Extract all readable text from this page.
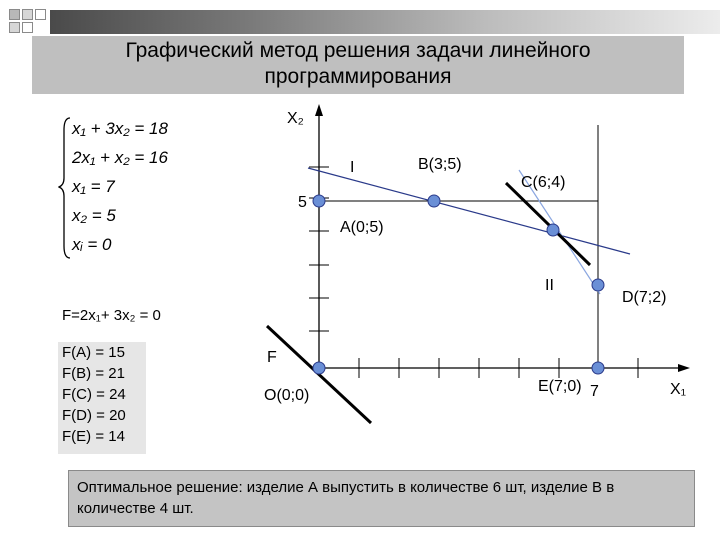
Графический метод решения задачи линейного
программирования
x₁ + 3x₂ = 18
2x₁ + x₂ = 16
x₁ = 7
x₂ = 5
xᵢ = 0
F=2x₁+ 3x₂ = 0
F(A) = 15
F(B) = 21
F(C) = 24
F(D) = 20
F(E) = 14
X₂
X₁
5
7
I
II
F
O(0;0)
A(0;5)
B(3;5)
C(6;4)
D(7;2)
E(7;0)
Оптимальное решение: изделие А выпустить в количестве 6 шт, изделие В в количестве 4 шт.
